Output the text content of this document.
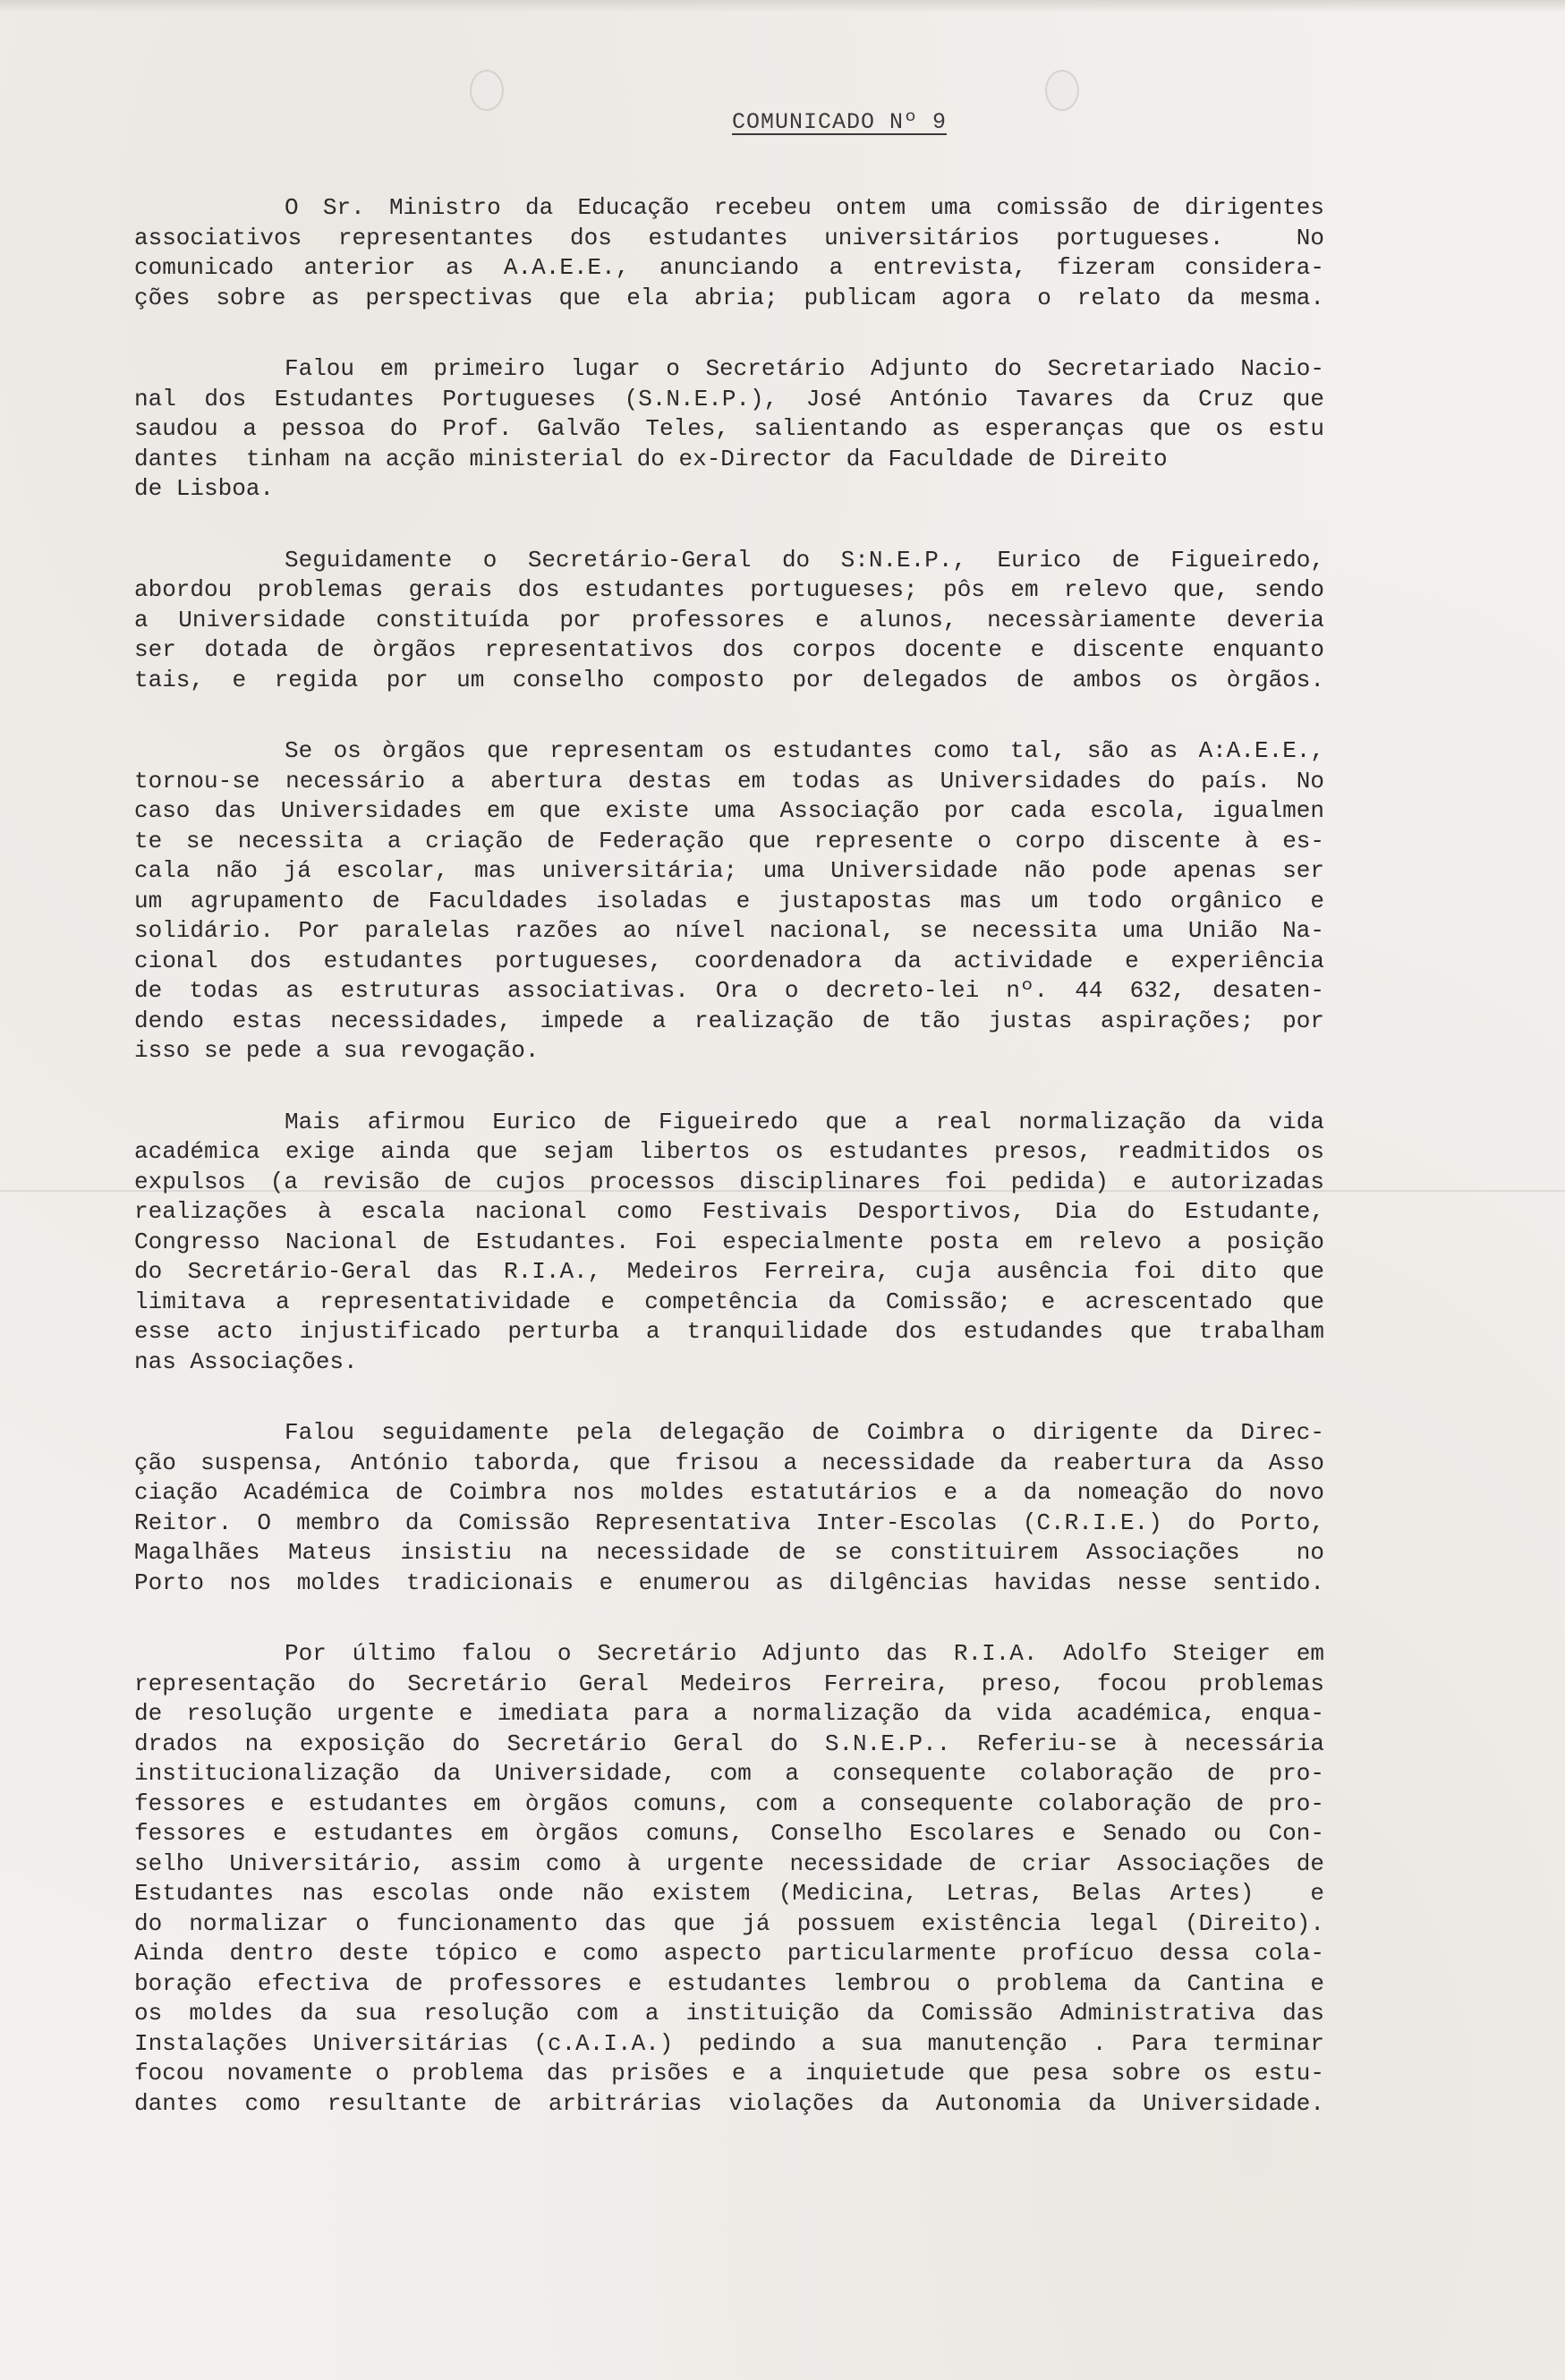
COMUNICADO Nº 9
O Sr. Ministro da Educação recebeu ontem uma comissão de dirigentes
associativos representantes dos estudantes universitários portugueses.  No
comunicado anterior as A.A.E.E., anunciando a entrevista, fizeram considera-
ções sobre as perspectivas que ela abria; publicam agora o relato da mesma.
Falou em primeiro lugar o Secretário Adjunto do Secretariado Nacio-
nal dos Estudantes Portugueses (S.N.E.P.), José António Tavares da Cruz que
saudou a pessoa do Prof. Galvão Teles, salientando as esperanças que os estu
dantes  tinham na acção ministerial do ex-Director da Faculdade de Direito
de Lisboa.
Seguidamente o Secretário-Geral do S:N.E.P., Eurico de Figueiredo,
abordou problemas gerais dos estudantes portugueses; pôs em relevo que, sendo
a Universidade constituída por professores e alunos, necessàriamente deveria
ser dotada de òrgãos representativos dos corpos docente e discente enquanto
tais, e regida por um conselho composto por delegados de ambos os òrgãos.
Se os òrgãos que representam os estudantes como tal, são as A:A.E.E.,
tornou-se necessário a abertura destas em todas as Universidades do país. No
caso das Universidades em que existe uma Associação por cada escola, igualmen
te se necessita a criação de Federação que represente o corpo discente à es-
cala não já escolar, mas universitária; uma Universidade não pode apenas ser
um agrupamento de Faculdades isoladas e justapostas mas um todo orgânico e
solidário. Por paralelas razões ao nível nacional, se necessita uma União Na-
cional dos estudantes portugueses, coordenadora da actividade e experiência
de todas as estruturas associativas. Ora o decreto-lei nº. 44 632, desaten-
dendo estas necessidades, impede a realização de tão justas aspirações; por
isso se pede a sua revogação.
Mais afirmou Eurico de Figueiredo que a real normalização da vida
académica exige ainda que sejam libertos os estudantes presos, readmitidos os
expulsos (a revisão de cujos processos disciplinares foi pedida) e autorizadas
realizações à escala nacional como Festivais Desportivos, Dia do Estudante,
Congresso Nacional de Estudantes. Foi especialmente posta em relevo a posição
do Secretário-Geral das R.I.A., Medeiros Ferreira, cuja ausência foi dito que
limitava a representatividade e competência da Comissão; e acrescentado que
esse acto injustificado perturba a tranquilidade dos estudandes que trabalham
nas Associações.
Falou seguidamente pela delegação de Coimbra o dirigente da Direc-
ção suspensa, António taborda, que frisou a necessidade da reabertura da Asso
ciação Académica de Coimbra nos moldes estatutários e a da nomeação do novo
Reitor. O membro da Comissão Representativa Inter-Escolas (C.R.I.E.) do Porto,
Magalhães Mateus insistiu na necessidade de se constituirem Associações  no
Porto nos moldes tradicionais e enumerou as dilgências havidas nesse sentido.
Por último falou o Secretário Adjunto das R.I.A. Adolfo Steiger em
representação do Secretário Geral Medeiros Ferreira, preso, focou problemas
de resolução urgente e imediata para a normalização da vida académica, enqua-
drados na exposição do Secretário Geral do S.N.E.P.. Referiu-se à necessária
institucionalização da Universidade, com a consequente colaboração de pro-
fessores e estudantes em òrgãos comuns, com a consequente colaboração de pro-
fessores e estudantes em òrgãos comuns, Conselho Escolares e Senado ou Con-
selho Universitário, assim como à urgente necessidade de criar Associações de
Estudantes nas escolas onde não existem (Medicina, Letras, Belas Artes)  e
do normalizar o funcionamento das que já possuem existência legal (Direito).
Ainda dentro deste tópico e como aspecto particularmente profícuo dessa cola-
boração efectiva de professores e estudantes lembrou o problema da Cantina e
os moldes da sua resolução com a instituição da Comissão Administrativa das
Instalações Universitárias (c.A.I.A.) pedindo a sua manutenção . Para terminar
focou novamente o problema das prisões e a inquietude que pesa sobre os estu-
dantes como resultante de arbitrárias violações da Autonomia da Universidade.
